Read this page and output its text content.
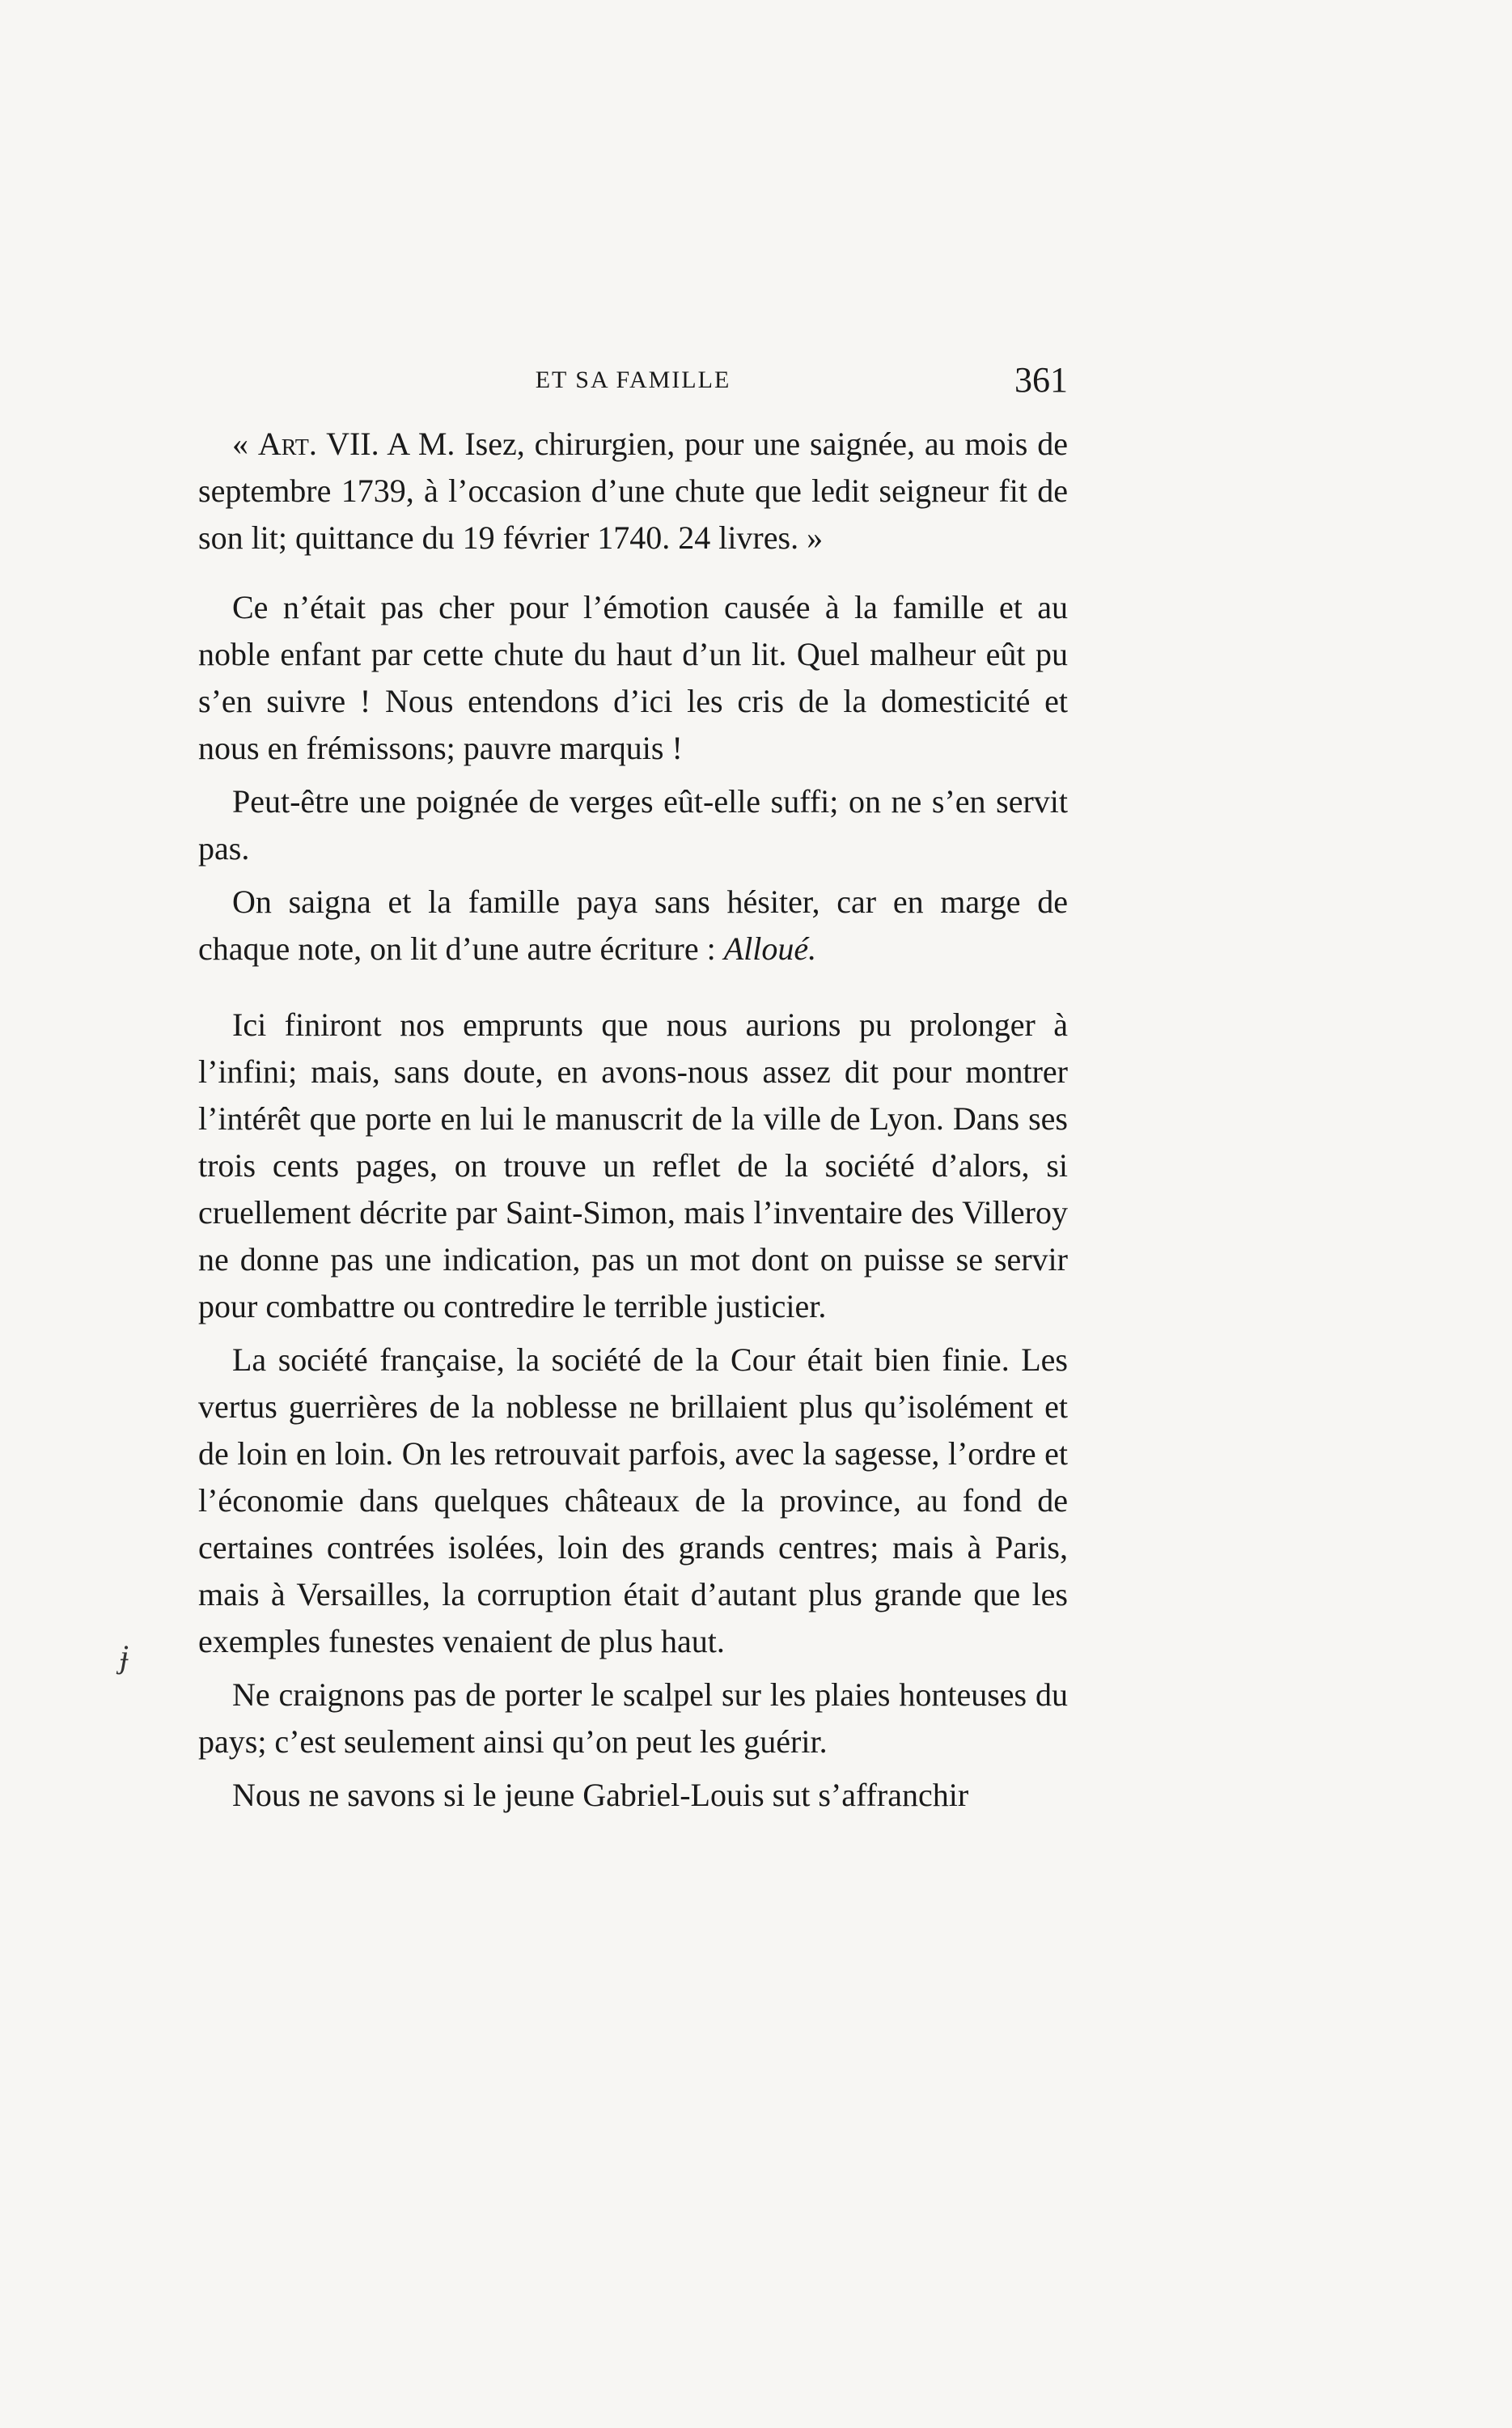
ET SA FAMILLE	361

« Art. VII. A M. Isez, chirurgien, pour une saignée, au mois de septembre 1739, à l’occasion d’une chute que ledit seigneur fit de son lit; quittance du 19 février 1740. 24 livres. »

Ce n’était pas cher pour l’émotion causée à la famille et au noble enfant par cette chute du haut d’un lit. Quel malheur eût pu s’en suivre ! Nous entendons d’ici les cris de la domesticité et nous en frémissons; pauvre marquis !

Peut-être une poignée de verges eût-elle suffi; on ne s’en servit pas.

On saigna et la famille paya sans hésiter, car en marge de chaque note, on lit d’une autre écriture : Alloué.

Ici finiront nos emprunts que nous aurions pu prolonger à l’infini; mais, sans doute, en avons-nous assez dit pour montrer l’intérêt que porte en lui le manuscrit de la ville de Lyon. Dans ses trois cents pages, on trouve un reflet de la société d’alors, si cruellement décrite par Saint-Simon, mais l’inventaire des Villeroy ne donne pas une indication, pas un mot dont on puisse se servir pour combattre ou contredire le terrible justicier.

La société française, la société de la Cour était bien finie. Les vertus guerrières de la noblesse ne brillaient plus qu’isolément et de loin en loin. On les retrouvait parfois, avec la sagesse, l’ordre et l’économie dans quelques châteaux de la province, au fond de certaines contrées isolées, loin des grands centres; mais à Paris, mais à Versailles, la corruption était d’autant plus grande que les exemples funestes venaient de plus haut.

Ne craignons pas de porter le scalpel sur les plaies honteuses du pays; c’est seulement ainsi qu’on peut les guérir.

Nous ne savons si le jeune Gabriel-Louis sut s’affranchir

ɉ
